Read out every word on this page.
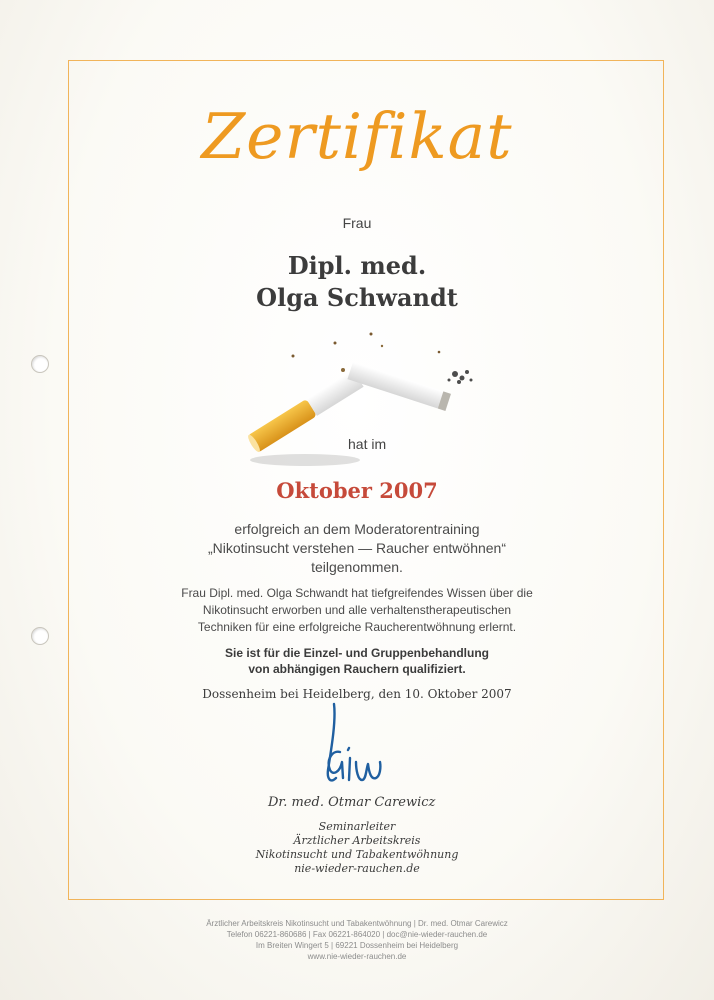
Zertifikat
Frau
Dipl. med.
Olga Schwandt
hat im
Oktober 2007
erfolgreich an dem Moderatorentraining
„Nikotinsucht verstehen — Raucher entwöhnen“
teilgenommen.
Frau Dipl. med. Olga Schwandt hat tiefgreifendes Wissen über die
Nikotinsucht erworben und alle verhaltenstherapeutischen
Techniken für eine erfolgreiche Raucherentwöhnung erlernt.
Sie ist für die Einzel- und Gruppenbehandlung
von abhängigen Rauchern qualifiziert.
Dossenheim bei Heidelberg, den 10. Oktober 2007
Dr. med. Otmar Carewicz
Seminarleiter
Ärztlicher Arbeitskreis
Nikotinsucht und Tabakentwöhnung
nie-wieder-rauchen.de
Ärztlicher Arbeitskreis Nikotinsucht und Tabakentwöhnung | Dr. med. Otmar Carewicz
Telefon 06221-860686 | Fax 06221-864020 | doc@nie-wieder-rauchen.de
Im Breiten Wingert 5 | 69221 Dossenheim bei Heidelberg
www.nie-wieder-rauchen.de
